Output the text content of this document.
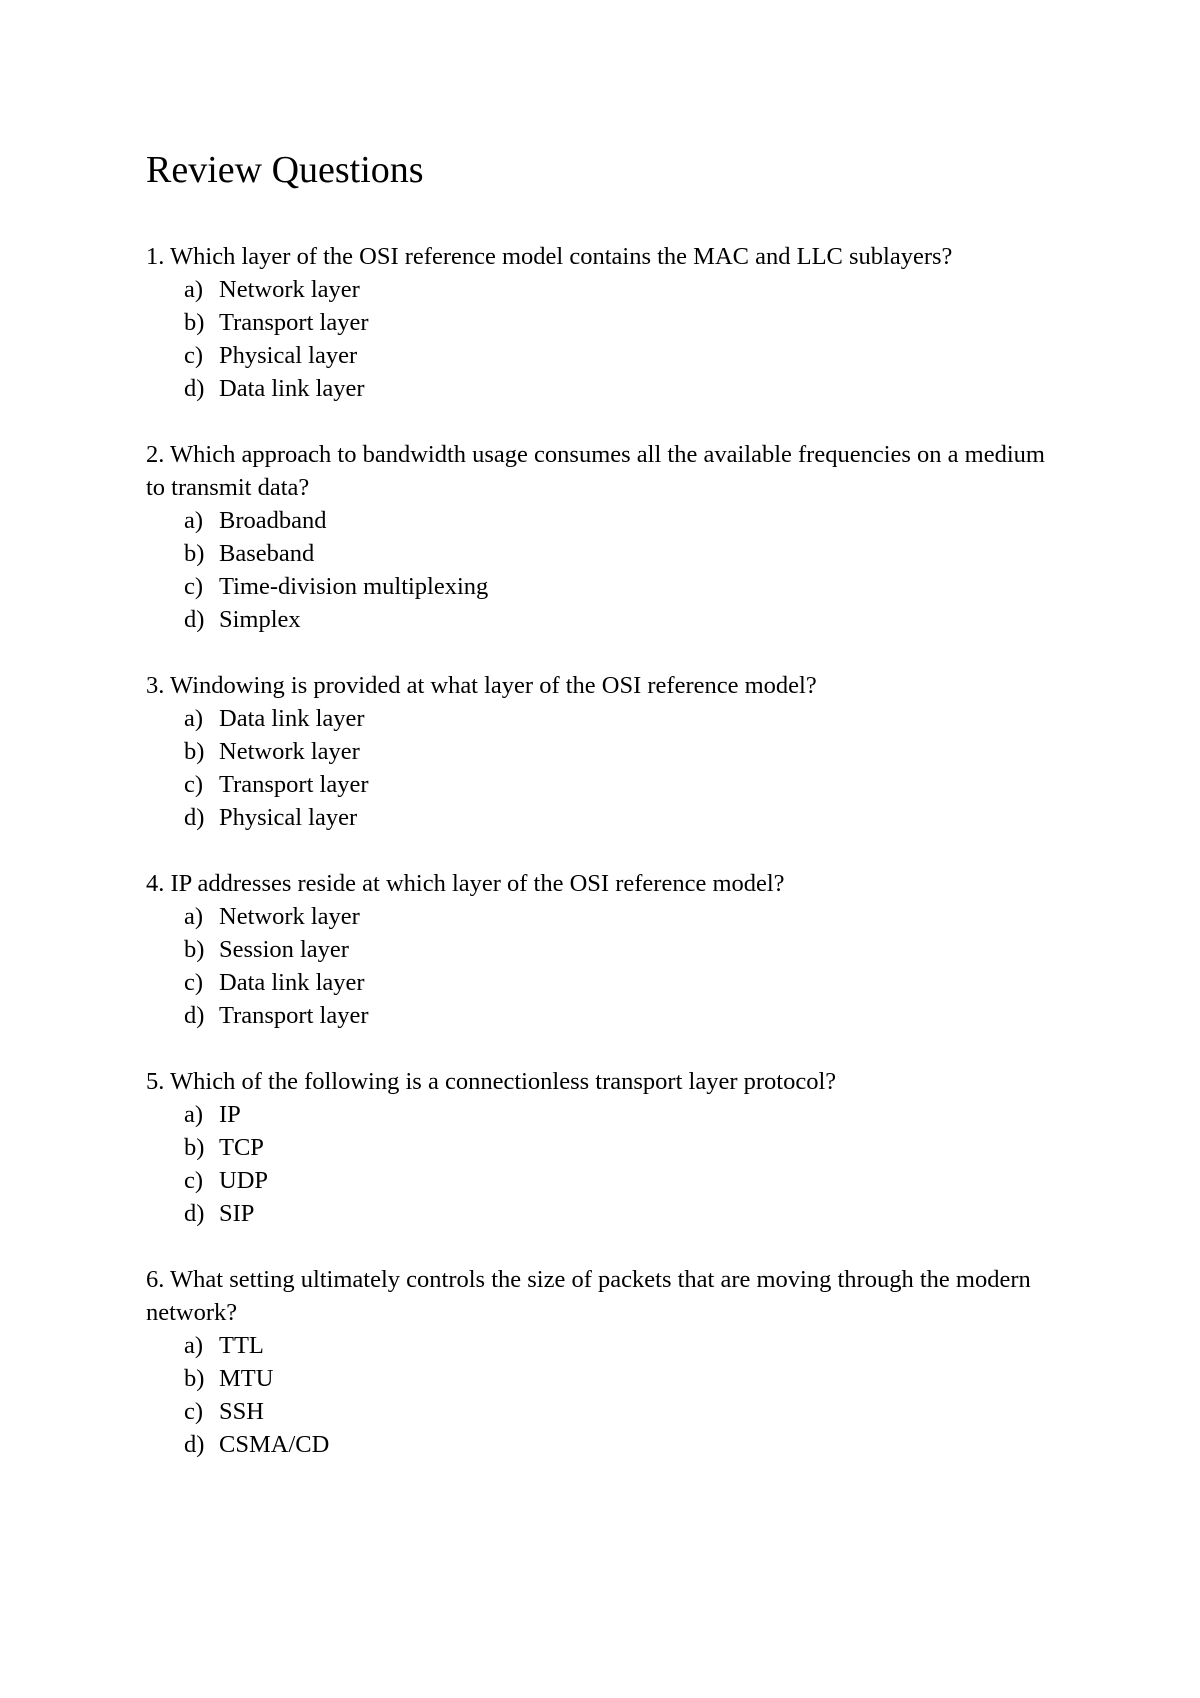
Review Questions

1. Which layer of the OSI reference model contains the MAC and LLC sublayers?

a) Network layer
b) Transport layer
c) Physical layer
d) Data link layer

2. Which approach to bandwidth usage consumes all the available frequencies on a medium to transmit data?

a) Broadband
b) Baseband
c) Time-division multiplexing
d) Simplex

3. Windowing is provided at what layer of the OSI reference model?

a) Data link layer
b) Network layer
c) Transport layer
d) Physical layer

4. IP addresses reside at which layer of the OSI reference model?

a) Network layer
b) Session layer
c) Data link layer
d) Transport layer

5. Which of the following is a connectionless transport layer protocol?

a) IP
b) TCP
c) UDP
d) SIP

6. What setting ultimately controls the size of packets that are moving through the modern network?

a) TTL
b) MTU
c) SSH
d) CSMA/CD
